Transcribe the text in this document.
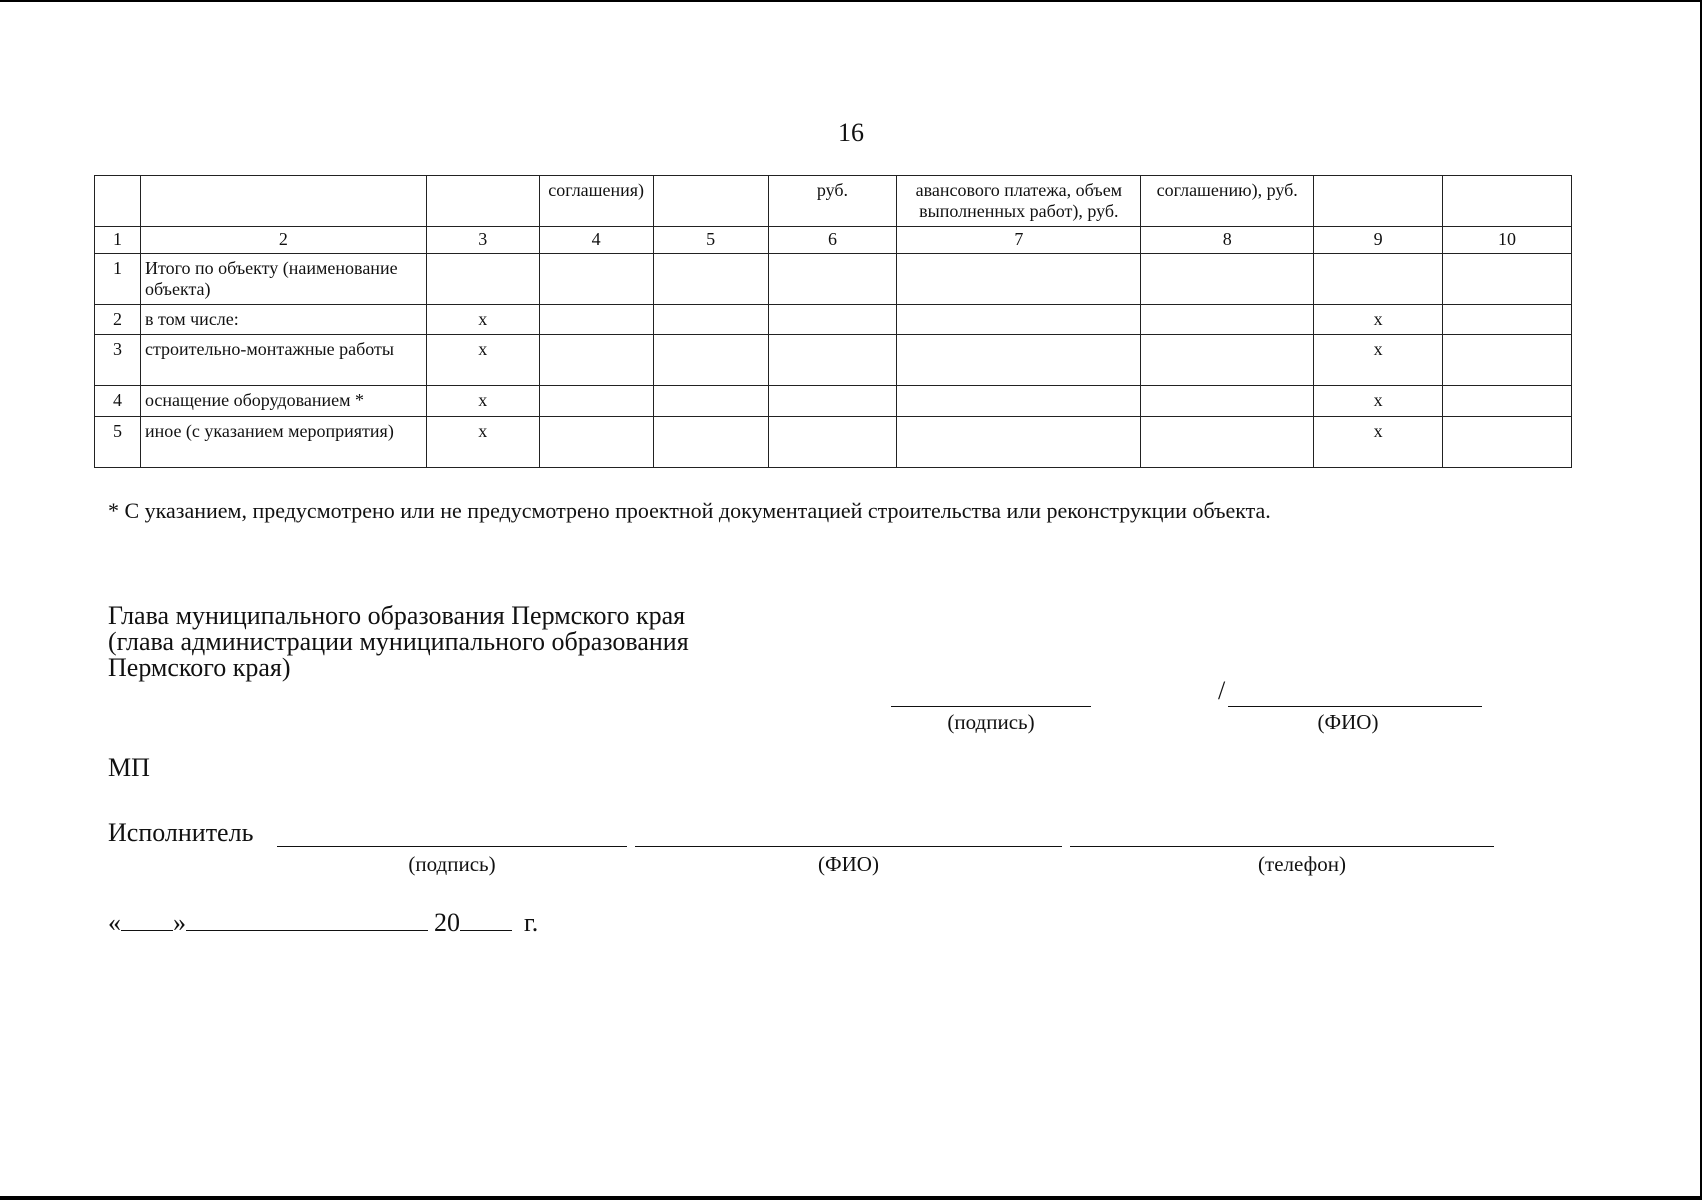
16
			соглашения)		руб.	авансового платежа, объем выполненных работ), руб.	соглашению), руб.		
1	2	3	4	5	6	7	8	9	10
1	Итого по объекту (наименование объекта)								
2	в том числе:	х						х	
3	строительно-монтажные работы	х						х	
4	оснащение оборудованием *	х						х	
5	иное (с указанием мероприятия)	х						х	
* С указанием, предусмотрено или не предусмотрено проектной документацией строительства или реконструкции объекта.
Глава муниципального образования Пермского края
(глава администрации муниципального образования
Пермского края)
(подпись)
/
(ФИО)
МП
Исполнитель
(подпись)	(ФИО)	(телефон)
« »	20 г.
